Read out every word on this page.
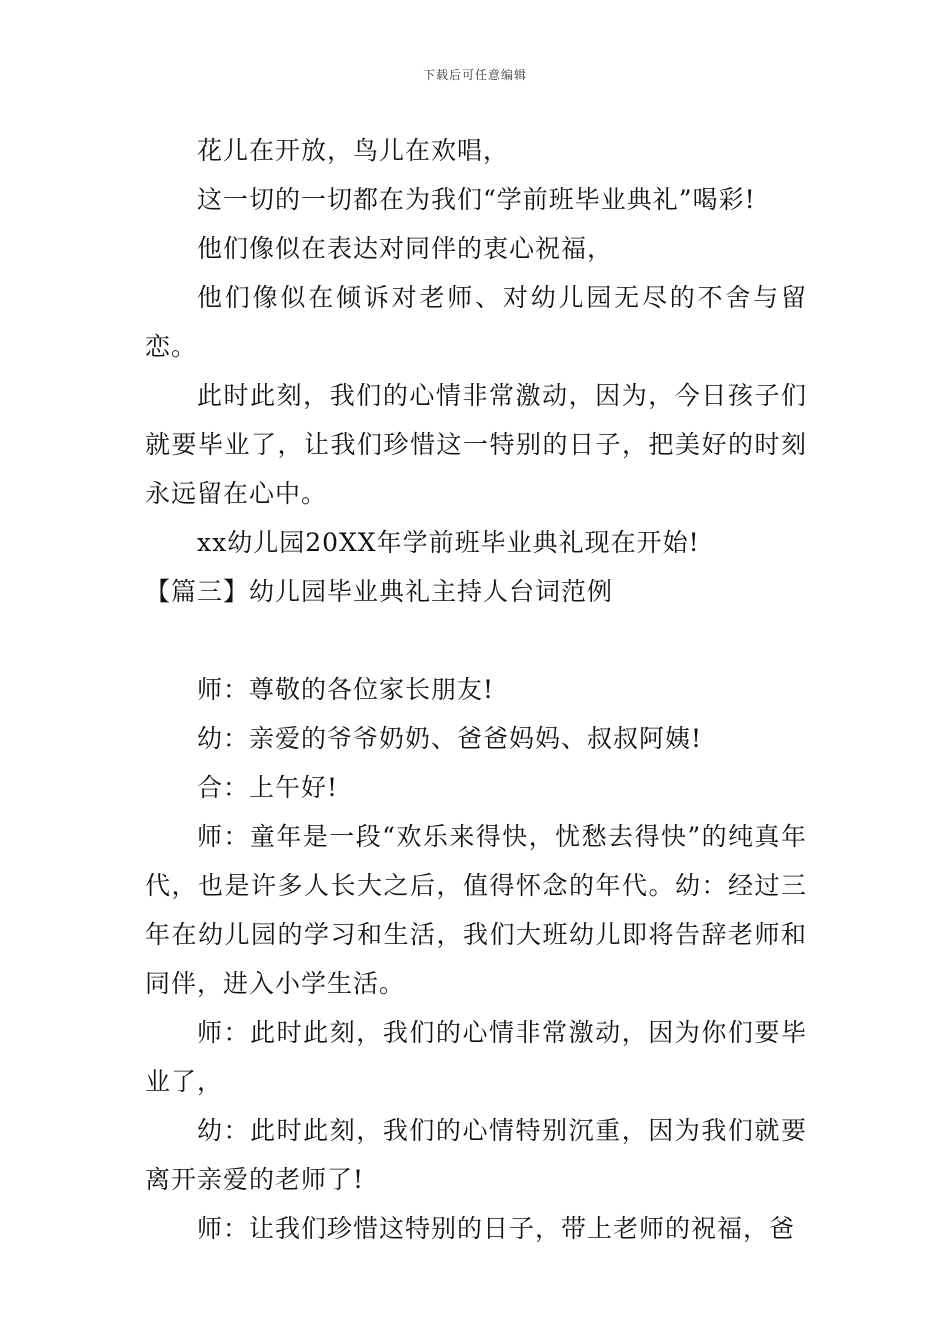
下载后可任意编辑

花儿在开放，鸟儿在欢唱，

这一切的一切都在为我们“学前班毕业典礼”喝彩!

他们像似在表达对同伴的衷心祝福，

他们像似在倾诉对老师、对幼儿园无尽的不舍与留恋。

此时此刻，我们的心情非常激动，因为，今日孩子们就要毕业了，让我们珍惜这一特别的日子，把美好的时刻永远留在心中。

xx幼儿园20XX年学前班毕业典礼现在开始!

【篇三】幼儿园毕业典礼主持人台词范例

师：尊敬的各位家长朋友!

幼：亲爱的爷爷奶奶、爸爸妈妈、叔叔阿姨!

合：上午好!

师：童年是一段“欢乐来得快，忧愁去得快”的纯真年代，也是许多人长大之后，值得怀念的年代。幼：经过三年在幼儿园的学习和生活，我们大班幼儿即将告辞老师和同伴，进入小学生活。

师：此时此刻，我们的心情非常激动，因为你们要毕业了，

幼：此时此刻，我们的心情特别沉重，因为我们就要离开亲爱的老师了!

师：让我们珍惜这特别的日子，带上老师的祝福，爸
